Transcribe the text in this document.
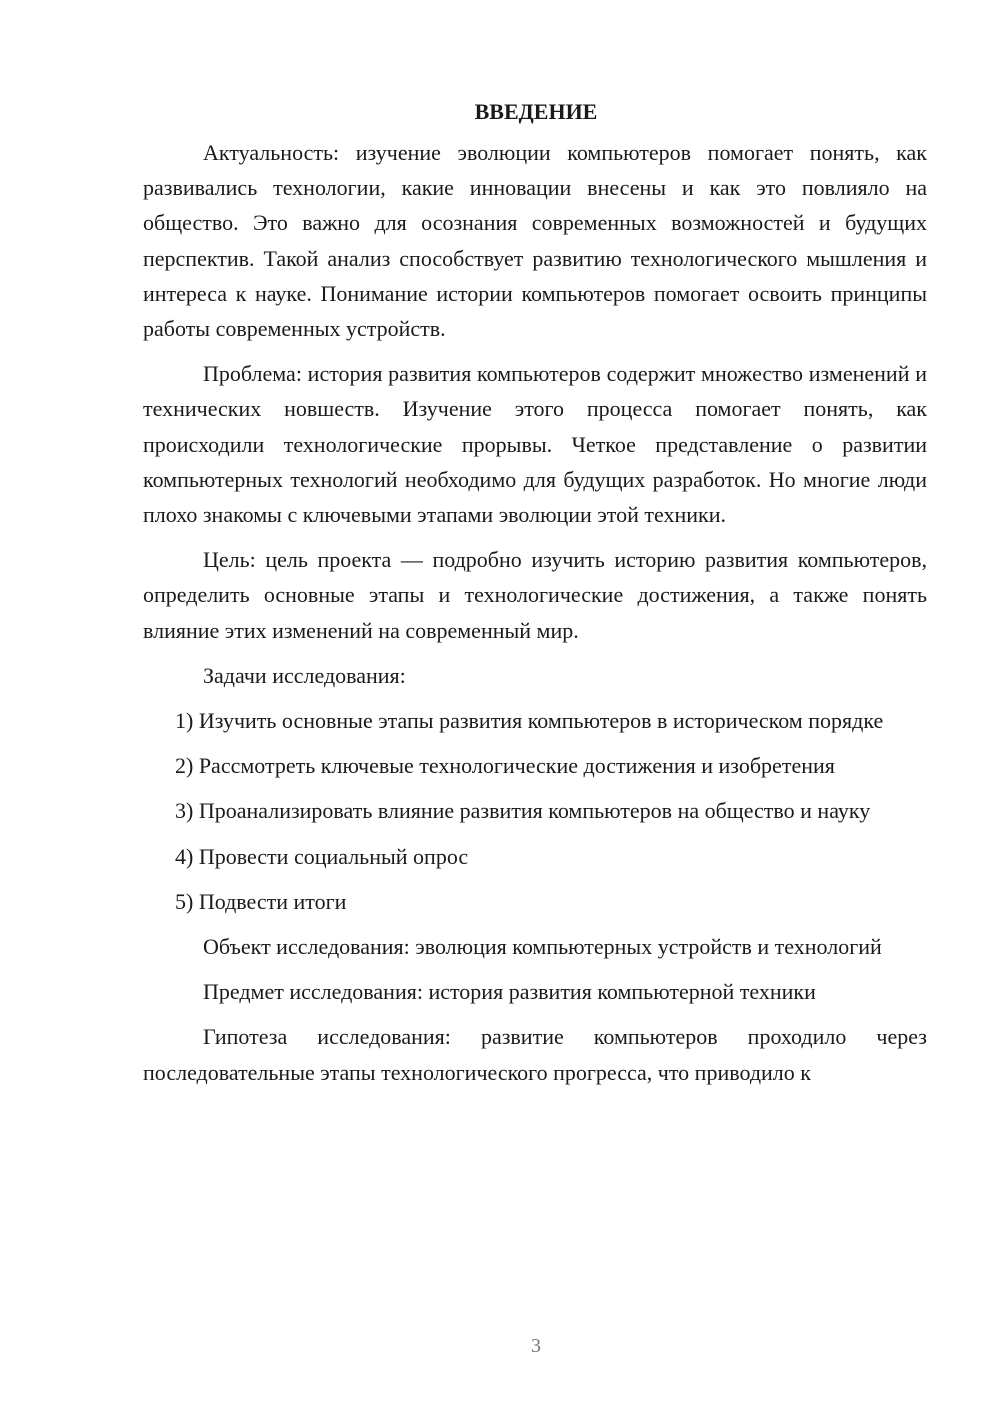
ВВЕДЕНИЕ

Актуальность: изучение эволюции компьютеров помогает понять, как развивались технологии, какие инновации внесены и как это повлияло на общество. Это важно для осознания современных возможностей и будущих перспектив. Такой анализ способствует развитию технологического мышления и интереса к науке. Понимание истории компьютеров помогает освоить принципы работы современных устройств.

Проблема: история развития компьютеров содержит множество изменений и технических новшеств. Изучение этого процесса помогает понять, как происходили технологические прорывы. Четкое представление о развитии компьютерных технологий необходимо для будущих разработок. Но многие люди плохо знакомы с ключевыми этапами эволюции этой техники.

Цель: цель проекта — подробно изучить историю развития компьютеров, определить основные этапы и технологические достижения, а также понять влияние этих изменений на современный мир.

Задачи исследования:

1) Изучить основные этапы развития компьютеров в историческом порядке

2) Рассмотреть ключевые технологические достижения и изобретения

3) Проанализировать влияние развития компьютеров на общество и науку

4) Провести социальный опрос

5) Подвести итоги

Объект исследования: эволюция компьютерных устройств и технологий

Предмет исследования: история развития компьютерной техники

Гипотеза исследования: развитие компьютеров проходило через последовательные этапы технологического прогресса, что приводило к

3
